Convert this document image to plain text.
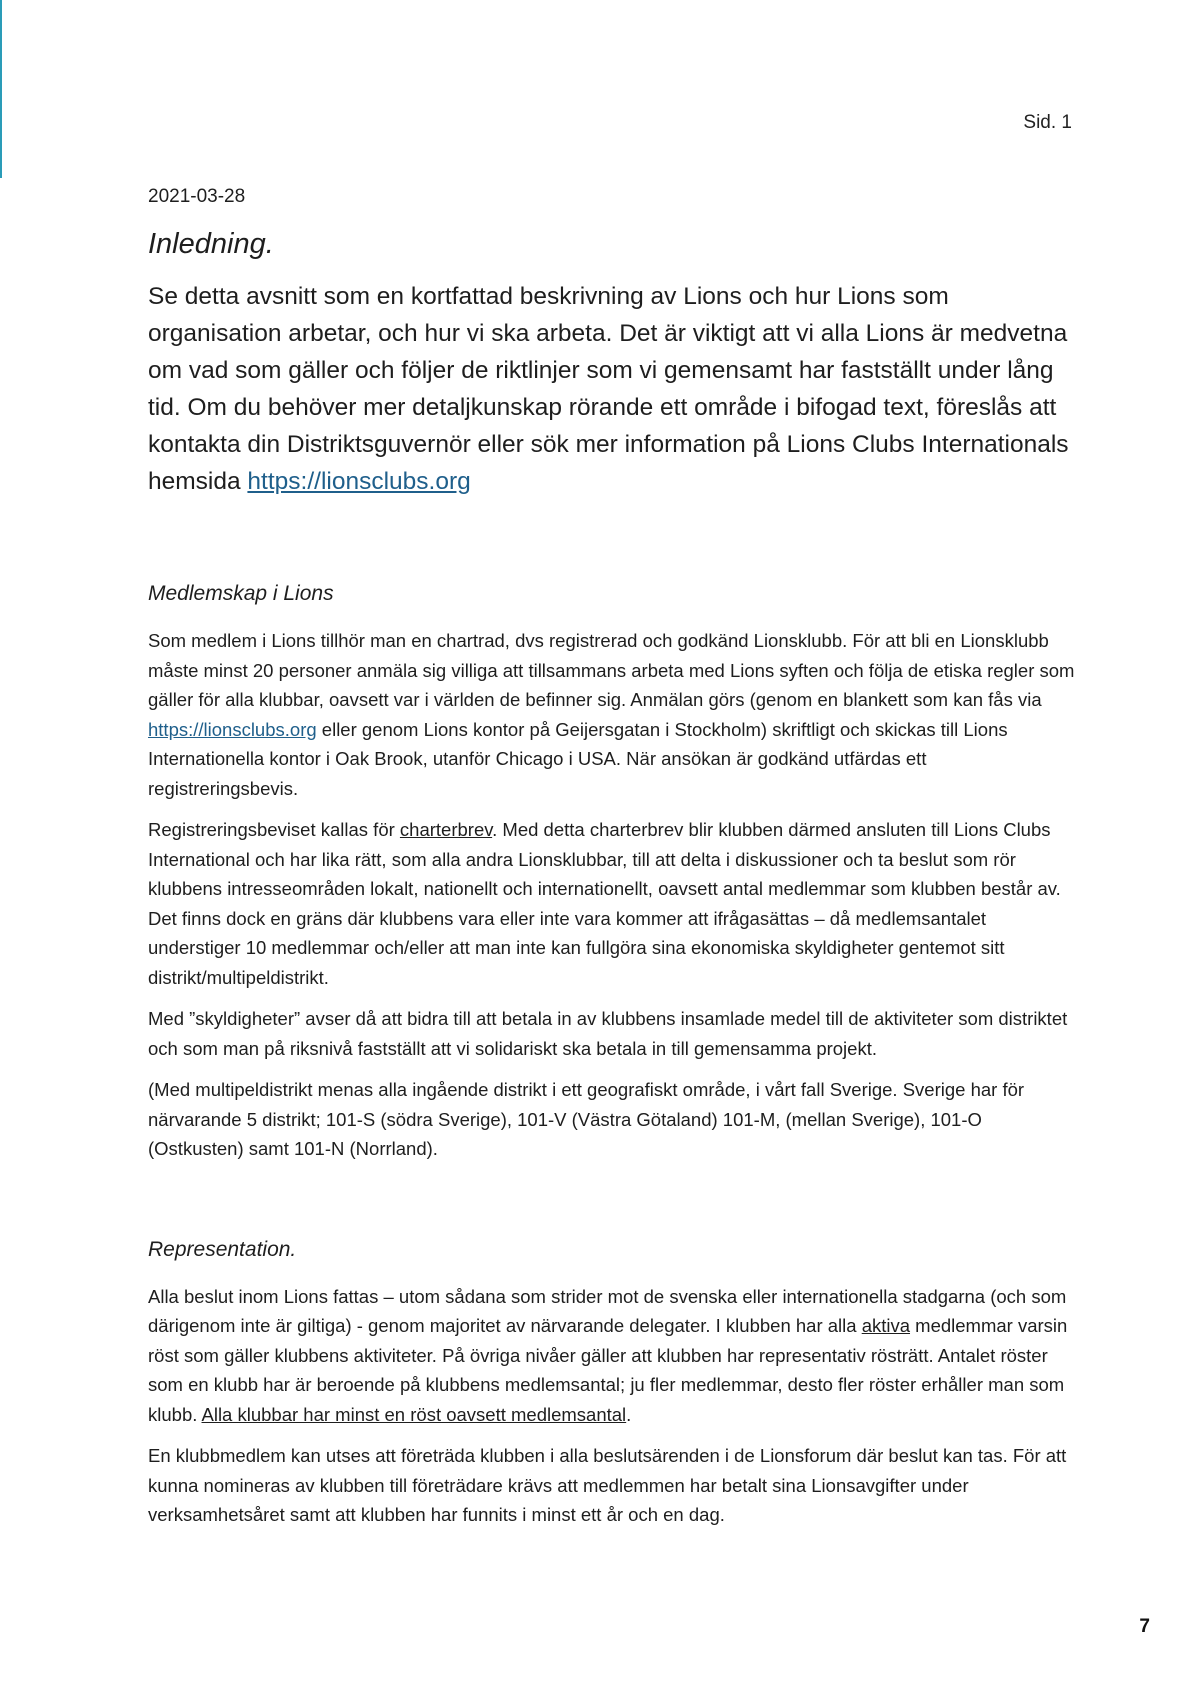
Sid. 1
2021-03-28
Inledning.

Se detta avsnitt som en kortfattad beskrivning av Lions och hur Lions som organisation arbetar, och hur vi ska arbeta. Det är viktigt att vi alla Lions är medvetna om vad som gäller och följer de riktlinjer som vi gemensamt har fastställt under lång tid. Om du behöver mer detaljkunskap rörande ett område i bifogad text, föreslås att kontakta din Distriktsguvernör eller sök mer information på Lions Clubs Internationals hemsida https://lionsclubs.org

Medlemskap i Lions

Som medlem i Lions tillhör man en chartrad, dvs registrerad och godkänd Lionsklubb. För att bli en Lionsklubb måste minst 20 personer anmäla sig villiga att tillsammans arbeta med Lions syften och följa de etiska regler som gäller för alla klubbar, oavsett var i världen de befinner sig. Anmälan görs (genom en blankett som kan fås via https://lionsclubs.org eller genom Lions kontor på Geijersgatan i Stockholm) skriftligt och skickas till Lions Internationella kontor i Oak Brook, utanför Chicago i USA. När ansökan är godkänd utfärdas ett registreringsbevis.

Registreringsbeviset kallas för charterbrev. Med detta charterbrev blir klubben därmed ansluten till Lions Clubs International och har lika rätt, som alla andra Lionsklubbar, till att delta i diskussioner och ta beslut som rör klubbens intresseområden lokalt, nationellt och internationellt, oavsett antal medlemmar som klubben består av. Det finns dock en gräns där klubbens vara eller inte vara kommer att ifrågasättas – då medlemsantalet understiger 10 medlemmar och/eller att man inte kan fullgöra sina ekonomiska skyldigheter gentemot sitt distrikt/multipeldistrikt.

Med ”skyldigheter” avser då att bidra till att betala in av klubbens insamlade medel till de aktiviteter som distriktet och som man på riksnivå fastställt att vi solidariskt ska betala in till gemensamma projekt.

(Med multipeldistrikt menas alla ingående distrikt i ett geografiskt område, i vårt fall Sverige. Sverige har för närvarande 5 distrikt; 101-S (södra Sverige), 101-V (Västra Götaland) 101-M, (mellan Sverige), 101-O (Ostkusten) samt 101-N (Norrland).

Representation.

Alla beslut inom Lions fattas – utom sådana som strider mot de svenska eller internationella stadgarna (och som därigenom inte är giltiga) - genom majoritet av närvarande delegater. I klubben har alla aktiva medlemmar varsin röst som gäller klubbens aktiviteter. På övriga nivåer gäller att klubben har representativ rösträtt. Antalet röster som en klubb har är beroende på klubbens medlemsantal; ju fler medlemmar, desto fler röster erhåller man som klubb. Alla klubbar har minst en röst oavsett medlemsantal.

En klubbmedlem kan utses att företräda klubben i alla beslutsärenden i de Lionsforum där beslut kan tas. För att kunna nomineras av klubben till företrädare krävs att medlemmen har betalt sina Lionsavgifter under verksamhetsåret samt att klubben har funnits i minst ett år och en dag.

7
